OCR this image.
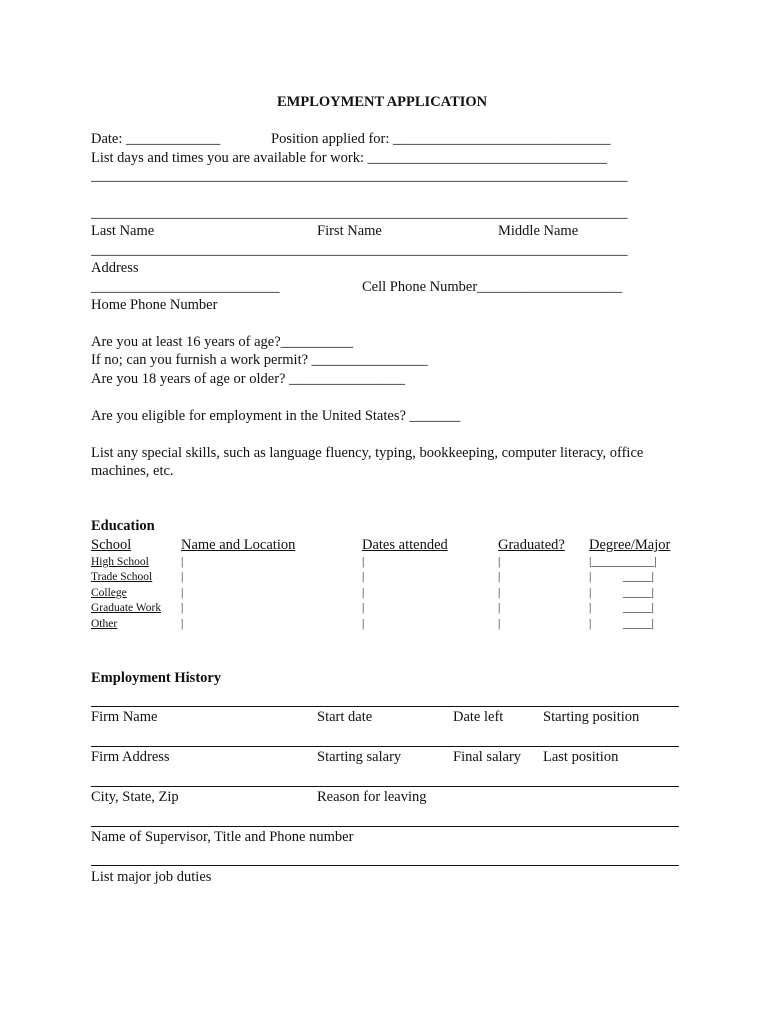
EMPLOYMENT APPLICATION
Date: _____________	Position applied for: ______________________________
List days and times you are available for work: _________________________________
__________________________________________________________________________
__________________________________________________________________________
Last Name	First Name	Middle Name
__________________________________________________________________________
Address
__________________________	Cell Phone Number____________________
Home Phone Number
Are you at least 16 years of age?__________
If no; can you furnish a work permit? ________________
Are you 18 years of age or older? ________________
Are you eligible for employment in the United States? _______
List any special skills, such as language fluency, typing, bookkeeping, computer literacy, office
machines, etc.
Education
School	Name and Location	Dates attended	Graduated? Degree/Major
High School	|	|	|	|___________|
Trade School	|	|	|	|           _____|
College	|	|	|	|           _____|
Graduate Work |	|	|	|           _____|
Other	|	|	|	|           _____|
Employment History
Firm Name	Start date	Date left	Starting position
Firm Address	Starting salary	Final salary Last position
City, State, Zip	Reason for leaving
Name of Supervisor, Title and Phone number
List major job duties
